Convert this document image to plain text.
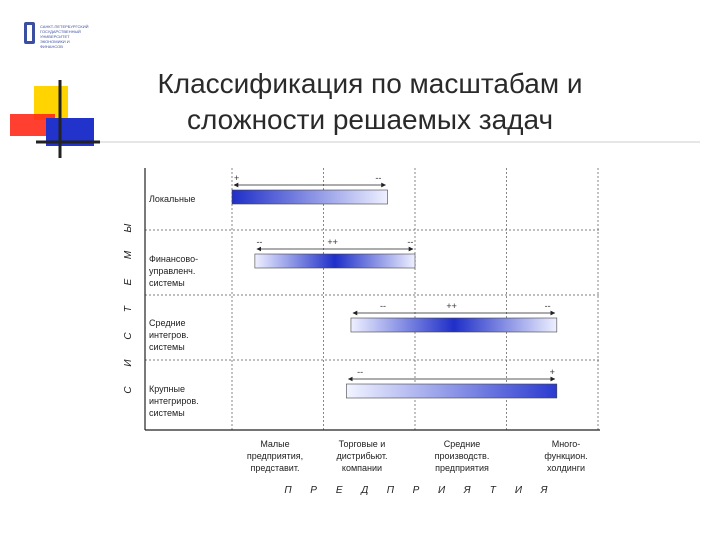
САНКТ-ПЕТЕРБУРГСКИЙ
ГОСУДАРСТВЕННЫЙ
УНИВЕРСИТЕТ
ЭКОНОМИКИ И
ФИНАНСОВ
Классификация по масштабам и
сложности решаемых задач
Локальные
+	--
Финансово-
управленч.
системы
--	++	--
Средние
интегров.
системы
--	++	--
Крупные
интегриров.
системы
--	+
Малые
предприятия,
представит.
Торговые и
дистрибьют.
компании
Средние
производств.
предприятия
Много-
функцион.
холдинги
С
И
С
Т
Е
М
Ы
П Р Е Д П Р И Я Т И Я
